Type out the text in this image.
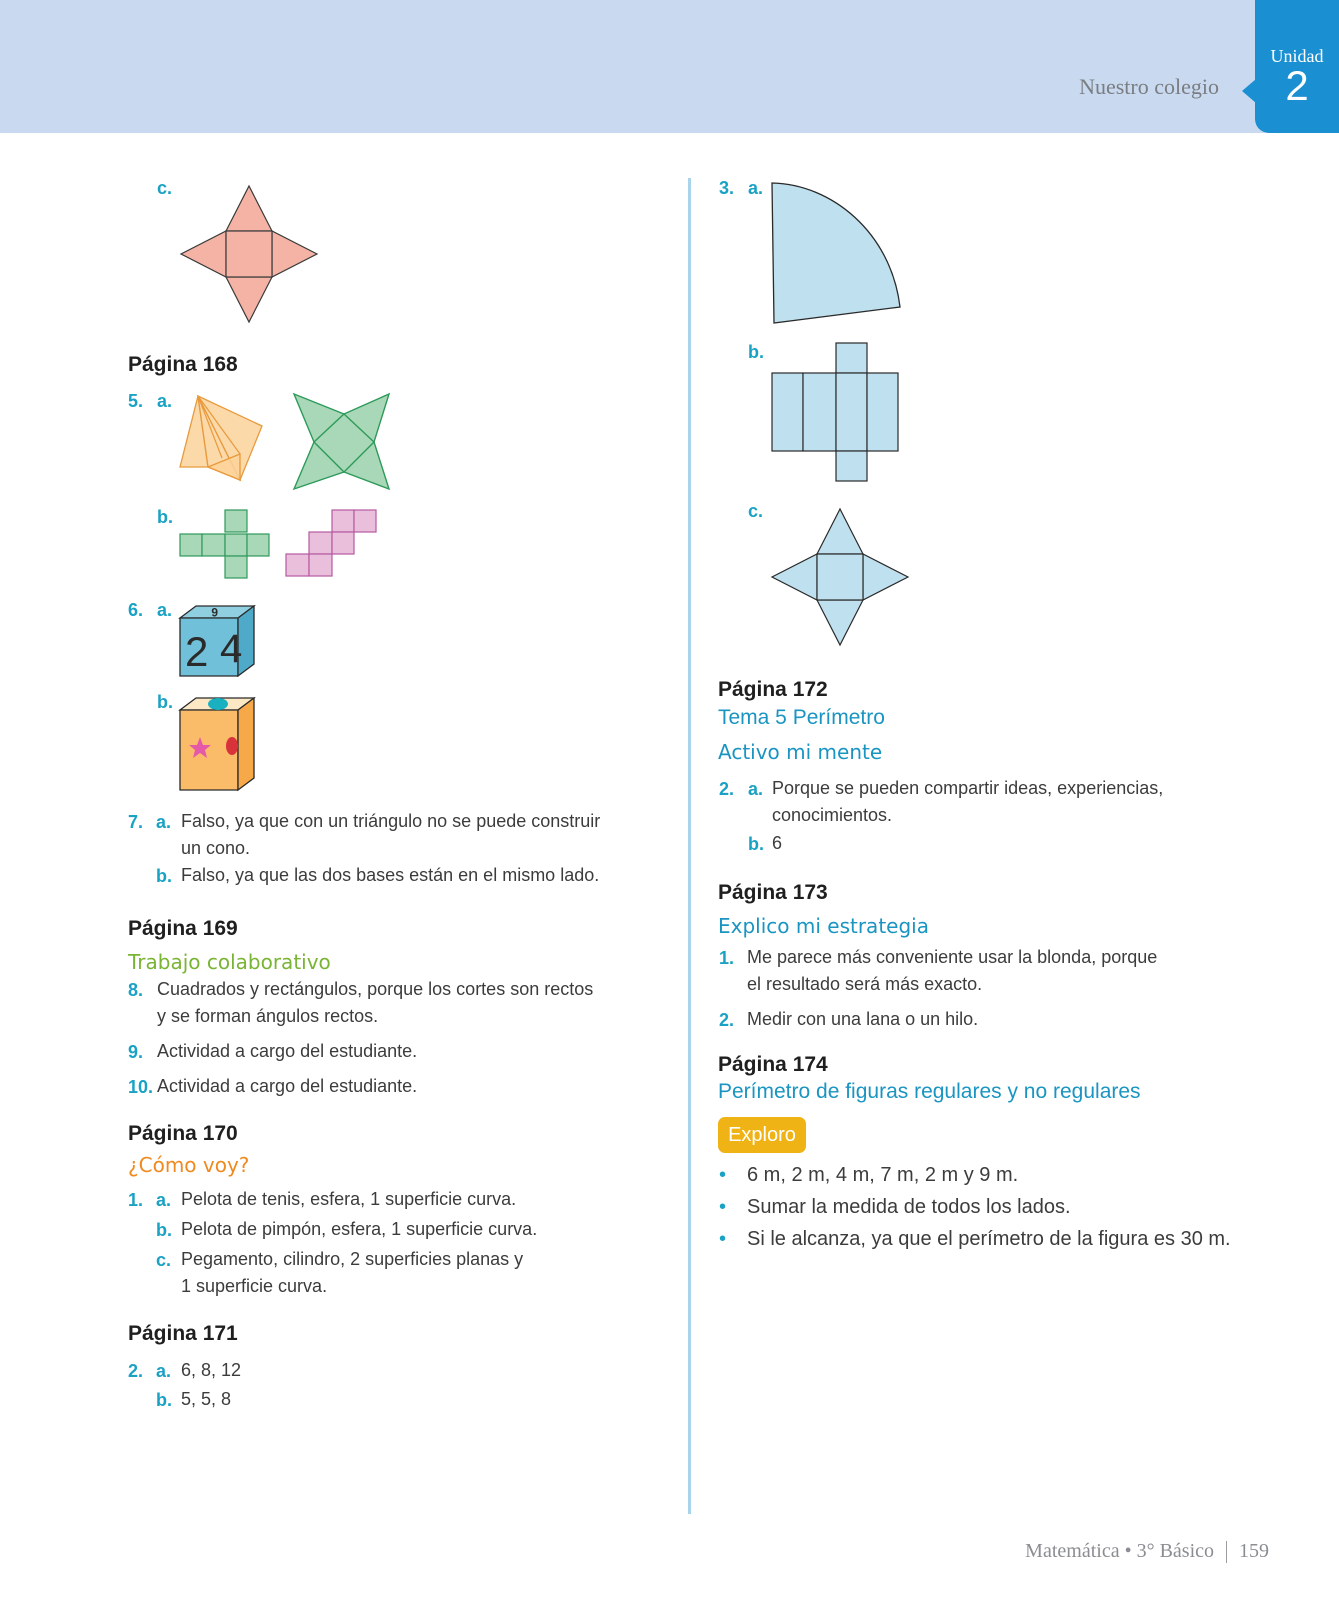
Nuestro colegio
Unidad
2
c.
Página 168
5. a.
b.
6. a.	6
2 4
b.
7. a. Falso, ya que con un triángulo no se puede construir
un cono.
b. Falso, ya que las dos bases están en el mismo lado.
Página 169
Trabajo colaborativo
8. Cuadrados y rectángulos, porque los cortes son rectos
y se forman ángulos rectos.
9. Actividad a cargo del estudiante.
10. Actividad a cargo del estudiante.
Página 170
¿Cómo voy?
1. a. Pelota de tenis, esfera, 1 superficie curva.
b. Pelota de pimpón, esfera, 1 superficie curva.
c. Pegamento, cilindro, 2 superficies planas y
1 superficie curva.
Página 171
2. a. 6, 8, 12
b. 5, 5, 8
3. a.
b.
c.
Página 172
Tema 5 Perímetro
Activo mi mente
2. a. Porque se pueden compartir ideas, experiencias,
conocimientos.
b. 6
Página 173
Explico mi estrategia
1. Me parece más conveniente usar la blonda, porque
el resultado será más exacto.
2. Medir con una lana o un hilo.
Página 174
Perímetro de figuras regulares y no regulares
Explorо
• 6 m, 2 m, 4 m, 7 m, 2 m y 9 m.
• Sumar la medida de todos los lados.
• Si le alcanza, ya que el perímetro de la figura es 30 m.
Matemática • 3° Básico 159
